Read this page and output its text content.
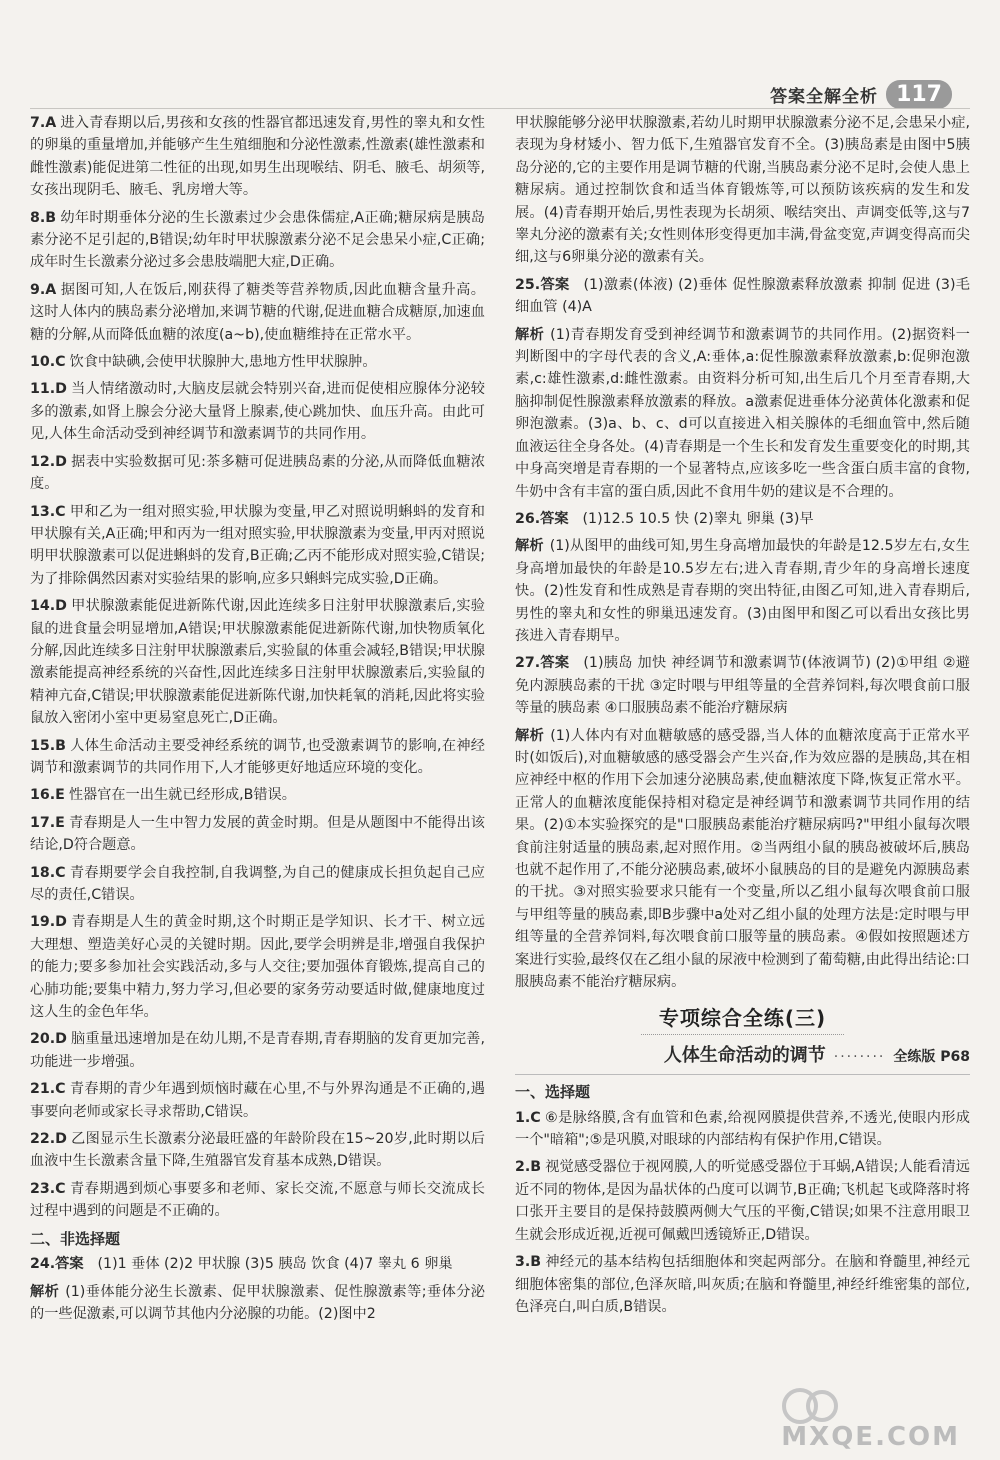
答案全解全析 117
7.A 进入青春期以后,男孩和女孩的性器官都迅速发育,男性的睾丸和女性的卵巢的重量增加,并能够产生生殖细胞和分泌性激素,性激素(雄性激素和雌性激素)能促进第二性征的出现,如男生出现喉结、阴毛、腋毛、胡须等,女孩出现阴毛、腋毛、乳房增大等。
8.B 幼年时期垂体分泌的生长激素过少会患侏儒症,A正确;糖尿病是胰岛素分泌不足引起的,B错误;幼年时甲状腺激素分泌不足会患呆小症,C正确;成年时生长激素分泌过多会患肢端肥大症,D正确。
9.A 据图可知,人在饭后,刚获得了糖类等营养物质,因此血糖含量升高。这时人体内的胰岛素分泌增加,来调节糖的代谢,促进血糖合成糖原,加速血糖的分解,从而降低血糖的浓度(a~b),使血糖维持在正常水平。
10.C 饮食中缺碘,会使甲状腺肿大,患地方性甲状腺肿。
11.D 当人情绪激动时,大脑皮层就会特别兴奋,进而促使相应腺体分泌较多的激素,如肾上腺会分泌大量肾上腺素,使心跳加快、血压升高。由此可见,人体生命活动受到神经调节和激素调节的共同作用。
12.D 据表中实验数据可见:茶多糖可促进胰岛素的分泌,从而降低血糖浓度。
13.C 甲和乙为一组对照实验,甲状腺为变量,甲乙对照说明蝌蚪的发育和甲状腺有关,A正确;甲和丙为一组对照实验,甲状腺激素为变量,甲丙对照说明甲状腺激素可以促进蝌蚪的发育,B正确;乙丙不能形成对照实验,C错误;为了排除偶然因素对实验结果的影响,应多只蝌蚪完成实验,D正确。
14.D 甲状腺激素能促进新陈代谢,因此连续多日注射甲状腺激素后,实验鼠的进食量会明显增加,A错误;甲状腺激素能促进新陈代谢,加快物质氧化分解,因此连续多日注射甲状腺激素后,实验鼠的体重会减轻,B错误;甲状腺激素能提高神经系统的兴奋性,因此连续多日注射甲状腺激素后,实验鼠的精神亢奋,C错误;甲状腺激素能促进新陈代谢,加快耗氧的消耗,因此将实验鼠放入密闭小室中更易窒息死亡,D正确。
15.B 人体生命活动主要受神经系统的调节,也受激素调节的影响,在神经调节和激素调节的共同作用下,人才能够更好地适应环境的变化。
16.E 性器官在一出生就已经形成,B错误。
17.E 青春期是人一生中智力发展的黄金时期。但是从题图中不能得出该结论,D符合题意。
18.C 青春期要学会自我控制,自我调整,为自己的健康成长担负起自己应尽的责任,C错误。
19.D 青春期是人生的黄金时期,这个时期正是学知识、长才干、树立远大理想、塑造美好心灵的关键时期。因此,要学会明辨是非,增强自我保护的能力;要多参加社会实践活动,多与人交往;要加强体育锻炼,提高自己的心肺功能;要集中精力,努力学习,但必要的家务劳动要适时做,健康地度过这人生的金色年华。
20.D 脑重量迅速增加是在幼儿期,不是青春期,青春期脑的发育更加完善,功能进一步增强。
21.C 青春期的青少年遇到烦恼时藏在心里,不与外界沟通是不正确的,遇事要向老师或家长寻求帮助,C错误。
22.D 乙图显示生长激素分泌最旺盛的年龄阶段在15~20岁,此时期以后血液中生长激素含量下降,生殖器官发育基本成熟,D错误。
23.C 青春期遇到烦心事要多和老师、家长交流,不愿意与师长交流成长过程中遇到的问题是不正确的。
二、非选择题
24.答案 (1)1 垂体 (2)2 甲状腺 (3)5 胰岛 饮食 (4)7 睾丸 6 卵巢
解析 (1)垂体能分泌生长激素、促甲状腺激素、促性腺激素等;垂体分泌的一些促激素,可以调节其他内分泌腺的功能。(2)图中2
甲状腺能够分泌甲状腺激素,若幼儿时期甲状腺激素分泌不足,会患呆小症,表现为身材矮小、智力低下,生殖器官发育不全。(3)胰岛素是由图中5胰岛分泌的,它的主要作用是调节糖的代谢,当胰岛素分泌不足时,会使人患上糖尿病。通过控制饮食和适当体育锻炼等,可以预防该疾病的发生和发展。(4)青春期开始后,男性表现为长胡须、喉结突出、声调变低等,这与7睾丸分泌的激素有关;女性则体形变得更加丰满,骨盆变宽,声调变得高而尖细,这与6卵巢分泌的激素有关。
25.答案 (1)激素(体液) (2)垂体 促性腺激素释放激素 抑制 促进 (3)毛细血管 (4)A
解析 (1)青春期发育受到神经调节和激素调节的共同作用。(2)据资料一判断图中的字母代表的含义,A:垂体,a:促性腺激素释放激素,b:促卵泡激素,c:雄性激素,d:雌性激素。由资料分析可知,出生后几个月至青春期,大脑抑制促性腺激素释放激素的释放。a激素促进垂体分泌黄体化激素和促卵泡激素。(3)a、b、c、d可以直接进入相关腺体的毛细血管中,然后随血液运往全身各处。(4)青春期是一个生长和发育发生重要变化的时期,其中身高突增是青春期的一个显著特点,应该多吃一些含蛋白质丰富的食物,牛奶中含有丰富的蛋白质,因此不食用牛奶的建议是不合理的。
26.答案 (1)12.5 10.5 快 (2)睾丸 卵巢 (3)早
解析 (1)从图甲的曲线可知,男生身高增加最快的年龄是12.5岁左右,女生身高增加最快的年龄是10.5岁左右;进入青春期,青少年的身高增长速度快。(2)性发育和性成熟是青春期的突出特征,由图乙可知,进入青春期后,男性的睾丸和女性的卵巢迅速发育。(3)由图甲和图乙可以看出女孩比男孩进入青春期早。
27.答案 (1)胰岛 加快 神经调节和激素调节(体液调节) (2)①甲组 ②避免内源胰岛素的干扰 ③定时喂与甲组等量的全营养饲料,每次喂食前口服等量的胰岛素 ④口服胰岛素不能治疗糖尿病
解析 (1)人体内有对血糖敏感的感受器,当人体的血糖浓度高于正常水平时(如饭后),对血糖敏感的感受器会产生兴奋,作为效应器的是胰岛,其在相应神经中枢的作用下会加速分泌胰岛素,使血糖浓度下降,恢复正常水平。正常人的血糖浓度能保持相对稳定是神经调节和激素调节共同作用的结果。(2)①本实验探究的是"口服胰岛素能治疗糖尿病吗?"甲组小鼠每次喂食前注射适量的胰岛素,起对照作用。②当两组小鼠的胰岛被破坏后,胰岛也就不起作用了,不能分泌胰岛素,破坏小鼠胰岛的目的是避免内源胰岛素的干扰。③对照实验要求只能有一个变量,所以乙组小鼠每次喂食前口服与甲组等量的胰岛素,即B步骤中a处对乙组小鼠的处理方法是:定时喂与甲组等量的全营养饲料,每次喂食前口服等量的胰岛素。④假如按照题述方案进行实验,最终仅在乙组小鼠的尿液中检测到了葡萄糖,由此得出结论:口服胰岛素不能治疗糖尿病。
专项综合全练(三)
人体生命活动的调节 ········ 全练版 P68
一、选择题
1.C ⑥是脉络膜,含有血管和色素,给视网膜提供营养,不透光,使眼内形成一个"暗箱";⑤是巩膜,对眼球的内部结构有保护作用,C错误。
2.B 视觉感受器位于视网膜,人的听觉感受器位于耳蜗,A错误;人能看清远近不同的物体,是因为晶状体的凸度可以调节,B正确;飞机起飞或降落时将口张开主要目的是保持鼓膜两侧大气压的平衡,C错误;如果不注意用眼卫生就会形成近视,近视可佩戴凹透镜矫正,D错误。
3.B 神经元的基本结构包括细胞体和突起两部分。在脑和脊髓里,神经元细胞体密集的部位,色泽灰暗,叫灰质;在脑和脊髓里,神经纤维密集的部位,色泽亮白,叫白质,B错误。
MXQE.COM
